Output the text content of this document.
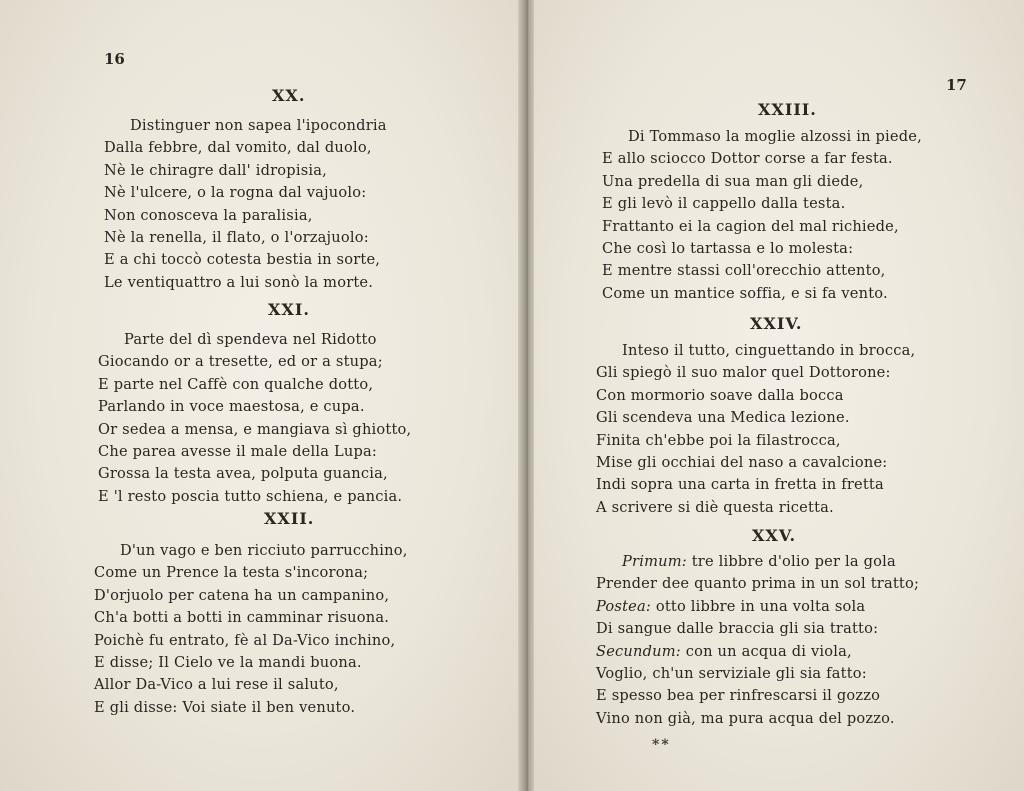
16
XX.
Distinguer non sapea l'ipocondria
Dalla febbre, dal vomito, dal duolo,
Nè le chiragre dall' idropisia,
Nè l'ulcere, o la rogna dal vajuolo:
Non conosceva la paralisia,
Nè la renella, il flato, o l'orzajuolo:
E a chi toccò cotesta bestia in sorte,
Le ventiquattro a lui sonò la morte.
XXI.
Parte del dì spendeva nel Ridotto
Giocando or a tresette, ed or a stupa;
E parte nel Caffè con qualche dotto,
Parlando in voce maestosa, e cupa.
Or sedea a mensa, e mangiava sì ghiotto,
Che parea avesse il male della Lupa:
Grossa la testa avea, polputa guancia,
E 'l resto poscia tutto schiena, e pancia.
XXII.
D'un vago e ben ricciuto parrucchino,
Come un Prence la testa s'incorona;
D'orjuolo per catena ha un campanino,
Ch'a botti a botti in camminar risuona.
Poichè fu entrato, fè al Da-Vico inchino,
E disse; Il Cielo ve la mandi buona.
Allor Da-Vico a lui rese il saluto,
E gli disse: Voi siate il ben venuto.
17
XXIII.
Di Tommaso la moglie alzossi in piede,
E allo sciocco Dottor corse a far festa.
Una predella di sua man gli diede,
E gli levò il cappello dalla testa.
Frattanto ei la cagion del mal richiede,
Che così lo tartassa e lo molesta:
E mentre stassi coll'orecchio attento,
Come un mantice soffia, e si fa vento.
XXIV.
Inteso il tutto, cinguettando in brocca,
Gli spiegò il suo malor quel Dottorone:
Con mormorio soave dalla bocca
Gli scendeva una Medica lezione.
Finita ch'ebbe poi la filastrocca,
Mise gli occhiai del naso a cavalcione:
Indi sopra una carta in fretta in fretta
A scrivere si diè questa ricetta.
XXV.
Primum: tre libbre d'olio per la gola
Prender dee quanto prima in un sol tratto;
Postea: otto libbre in una volta sola
Di sangue dalle braccia gli sia tratto:
Secundum: con un acqua di viola,
Voglio, ch'un serviziale gli sia fatto:
E spesso bea per rinfrescarsi il gozzo
Vino non già, ma pura acqua del pozzo.
**
